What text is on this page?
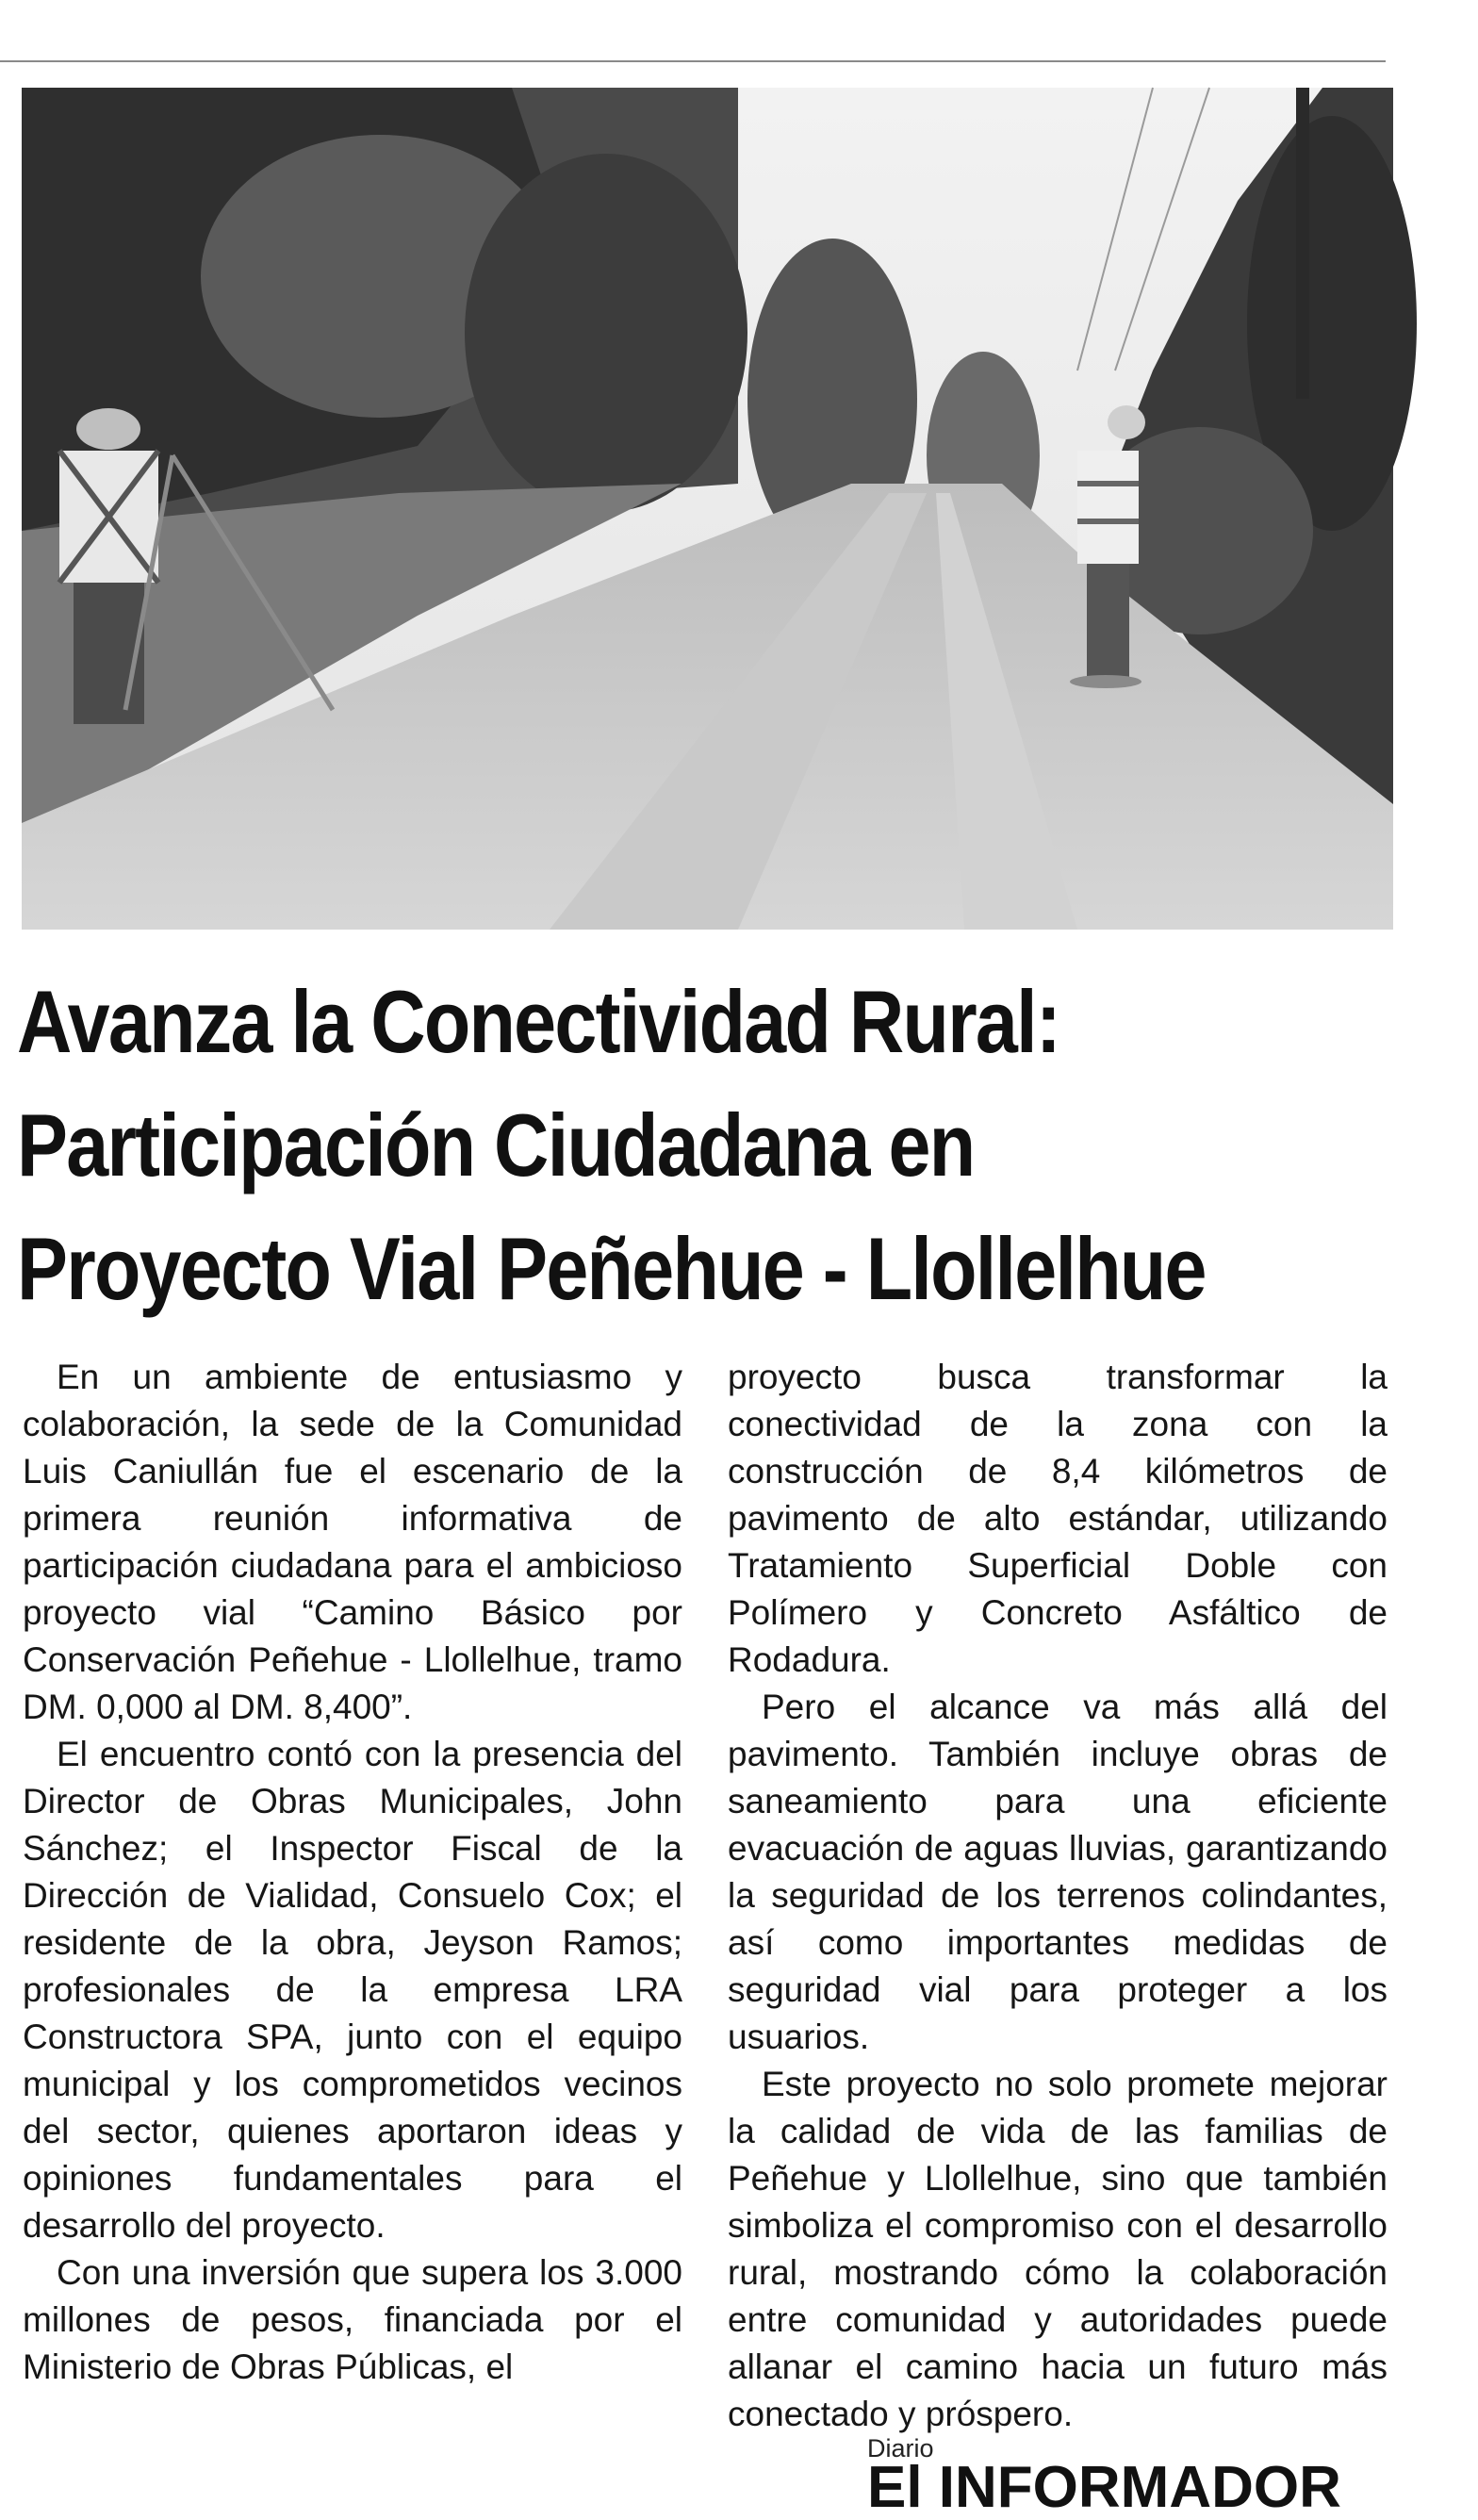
Avanza la Conectividad Rural:
Participación Ciudadana en
Proyecto Vial Peñehue - Llollelhue

En un ambiente de entusiasmo y colaboración, la sede de la Comunidad Luis Caniullán fue el escenario de la primera reunión informativa de participación ciudadana para el ambicioso proyecto vial “Camino Básico por Conservación Peñehue - Llollelhue, tramo DM. 0,000 al DM. 8,400”.

El encuentro contó con la presencia del Director de Obras Municipales, John Sánchez; el Inspector Fiscal de la Dirección de Vialidad, Consuelo Cox; el residente de la obra, Jeyson Ramos; profesionales de la empresa LRA Constructora SPA, junto con el equipo municipal y los comprometidos vecinos del sector, quienes aportaron ideas y opiniones fundamentales para el desarrollo del proyecto.

Con una inversión que supera los 3.000 millones de pesos, financiada por el Ministerio de Obras Públicas, el

proyecto busca transformar la conectividad de la zona con la construcción de 8,4 kilómetros de pavimento de alto estándar, utilizando Tratamiento Superficial Doble con Polímero y Concreto Asfáltico de Rodadura.

Pero el alcance va más allá del pavimento. También incluye obras de saneamiento para una eficiente evacuación de aguas lluvias, garantizando la seguridad de los terrenos colindantes, así como importantes medidas de seguridad vial para proteger a los usuarios.

Este proyecto no solo promete mejorar la calidad de vida de las familias de Peñehue y Llollelhue, sino que también simboliza el compromiso con el desarrollo rural, mostrando cómo la colaboración entre comunidad y autoridades puede allanar el camino hacia un futuro más conectado y próspero.

Diario
El INFORMADOR
